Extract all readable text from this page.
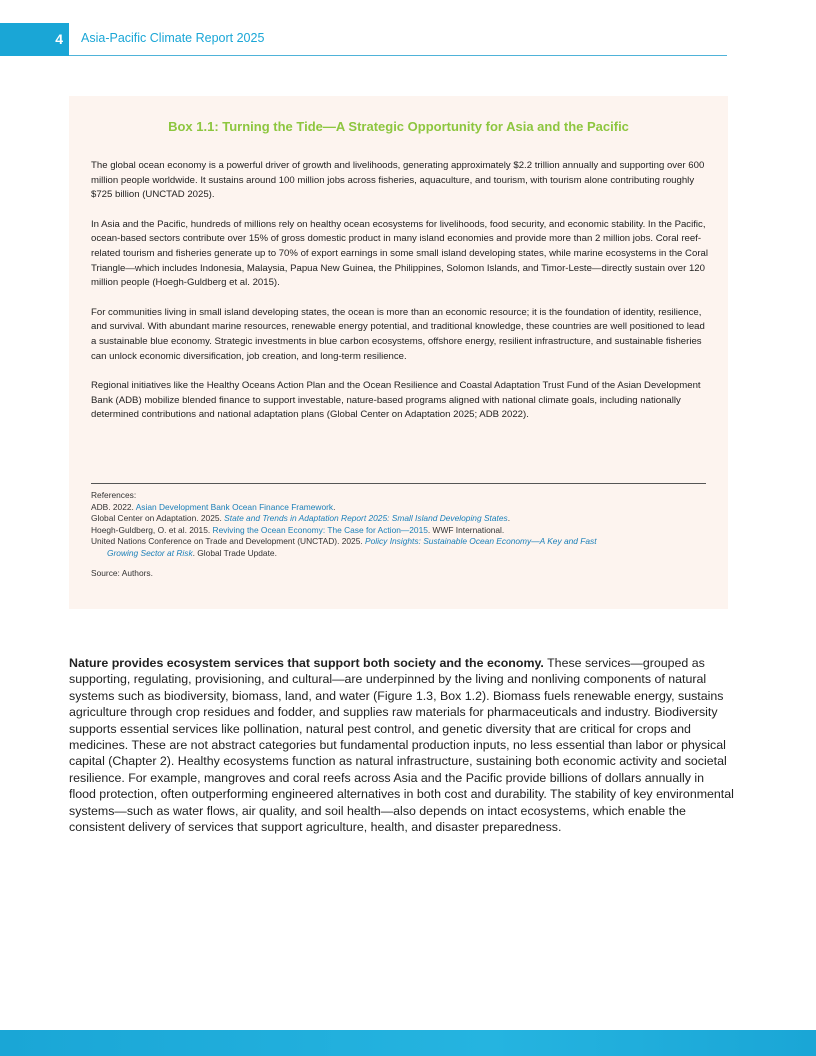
4	Asia-Pacific Climate Report 2025
Box 1.1: Turning the Tide—A Strategic Opportunity for Asia and the Pacific

The global ocean economy is a powerful driver of growth and livelihoods, generating approximately $2.2 trillion annually and supporting over 600 million people worldwide. It sustains around 100 million jobs across fisheries, aquaculture, and tourism, with tourism alone contributing roughly $725 billion (UNCTAD 2025).

In Asia and the Pacific, hundreds of millions rely on healthy ocean ecosystems for livelihoods, food security, and economic stability. In the Pacific, ocean-based sectors contribute over 15% of gross domestic product in many island economies and provide more than 2 million jobs. Coral reef-related tourism and fisheries generate up to 70% of export earnings in some small island developing states, while marine ecosystems in the Coral Triangle—which includes Indonesia, Malaysia, Papua New Guinea, the Philippines, Solomon Islands, and Timor-Leste—directly sustain over 120 million people (Hoegh-Guldberg et al. 2015).

For communities living in small island developing states, the ocean is more than an economic resource; it is the foundation of identity, resilience, and survival. With abundant marine resources, renewable energy potential, and traditional knowledge, these countries are well positioned to lead a sustainable blue economy. Strategic investments in blue carbon ecosystems, offshore energy, resilient infrastructure, and sustainable fisheries can unlock economic diversification, job creation, and long-term resilience.

Regional initiatives like the Healthy Oceans Action Plan and the Ocean Resilience and Coastal Adaptation Trust Fund of the Asian Development Bank (ADB) mobilize blended finance to support investable, nature-based programs aligned with national climate goals, including nationally determined contributions and national adaptation plans (Global Center on Adaptation 2025; ADB 2022).

References:
ADB. 2022. Asian Development Bank Ocean Finance Framework.
Global Center on Adaptation. 2025. State and Trends in Adaptation Report 2025: Small Island Developing States.
Hoegh-Guldberg, O. et al. 2015. Reviving the Ocean Economy: The Case for Action—2015. WWF International.
United Nations Conference on Trade and Development (UNCTAD). 2025. Policy Insights: Sustainable Ocean Economy—A Key and Fast
Growing Sector at Risk. Global Trade Update.
Source: Authors.
Nature provides ecosystem services that support both society and the economy. These services—grouped as supporting, regulating, provisioning, and cultural—are underpinned by the living and nonliving components of natural systems such as biodiversity, biomass, land, and water (Figure 1.3, Box 1.2). Biomass fuels renewable energy, sustains agriculture through crop residues and fodder, and supplies raw materials for pharmaceuticals and industry. Biodiversity supports essential services like pollination, natural pest control, and genetic diversity that are critical for crops and medicines. These are not abstract categories but fundamental production inputs, no less essential than labor or physical capital (Chapter 2). Healthy ecosystems function as natural infrastructure, sustaining both economic activity and societal resilience. For example, mangroves and coral reefs across Asia and the Pacific provide billions of dollars annually in flood protection, often outperforming engineered alternatives in both cost and durability. The stability of key environmental systems—such as water flows, air quality, and soil health—also depends on intact ecosystems, which enable the consistent delivery of services that support agriculture, health, and disaster preparedness.
